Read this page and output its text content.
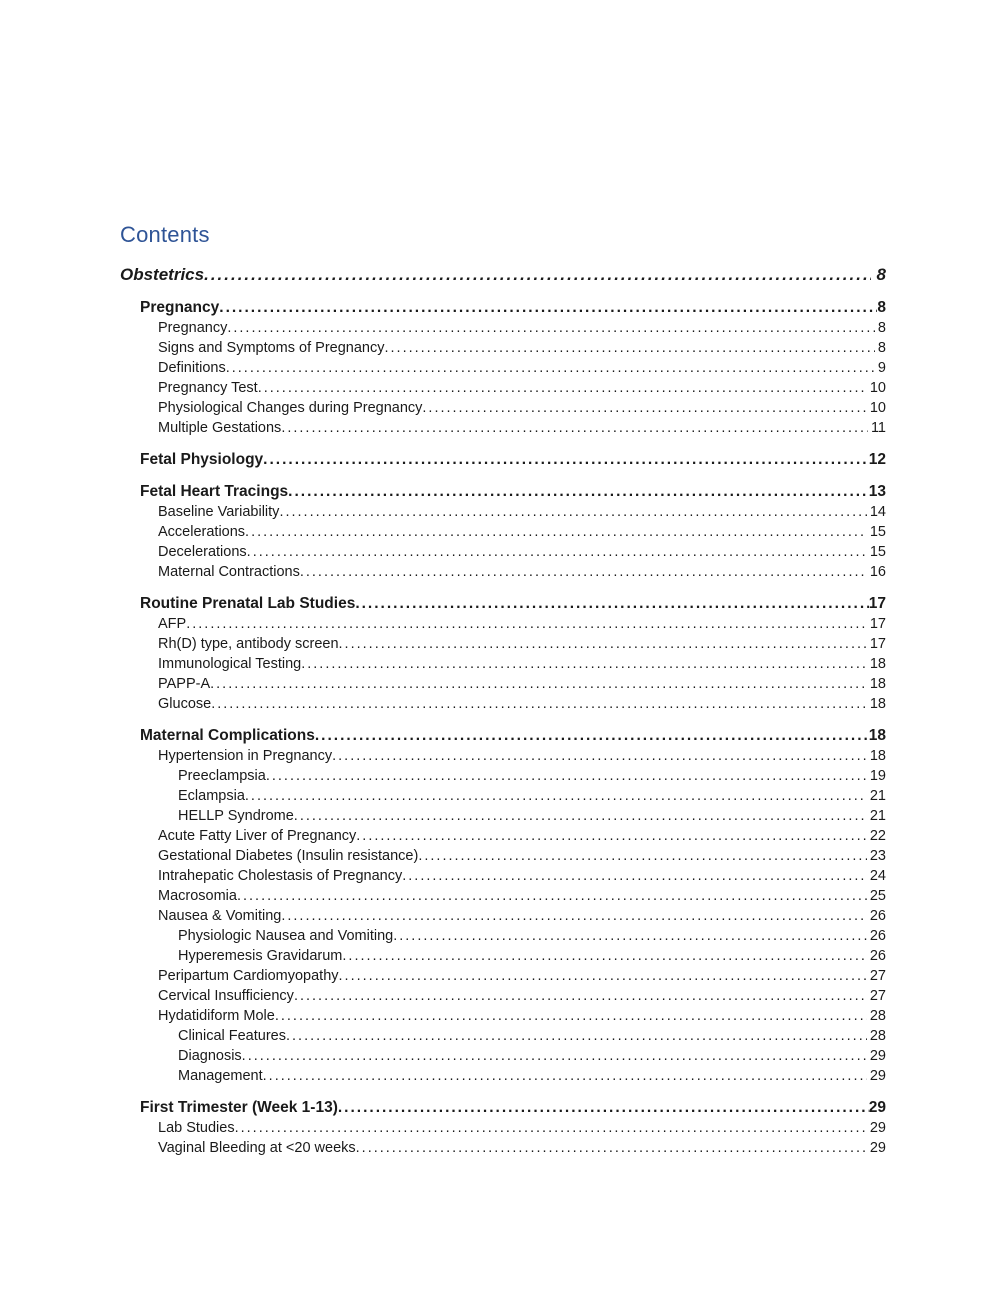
Contents
Obstetrics .....	8
Pregnancy .....	8
Pregnancy .....	8
Signs and Symptoms of Pregnancy .....	8
Definitions .....	9
Pregnancy Test .....	10
Physiological Changes during Pregnancy .....	10
Multiple Gestations .....	11
Fetal Physiology .....	12
Fetal Heart Tracings .....	13
Baseline Variability .....	14
Accelerations .....	15
Decelerations .....	15
Maternal Contractions .....	16
Routine Prenatal Lab Studies .....	17
AFP .....	17
Rh(D) type, antibody screen .....	17
Immunological Testing .....	18
PAPP-A .....	18
Glucose .....	18
Maternal Complications .....	18
Hypertension in Pregnancy .....	18
Preeclampsia .....	19
Eclampsia .....	21
HELLP Syndrome .....	21
Acute Fatty Liver of Pregnancy .....	22
Gestational Diabetes (Insulin resistance) .....	23
Intrahepatic Cholestasis of Pregnancy .....	24
Macrosomia .....	25
Nausea & Vomiting .....	26
Physiologic Nausea and Vomiting .....	26
Hyperemesis Gravidarum .....	26
Peripartum Cardiomyopathy .....	27
Cervical Insufficiency .....	27
Hydatidiform Mole .....	28
Clinical Features .....	28
Diagnosis .....	29
Management .....	29
First Trimester (Week 1-13) .....	29
Lab Studies .....	29
Vaginal Bleeding at <20 weeks .....	29
